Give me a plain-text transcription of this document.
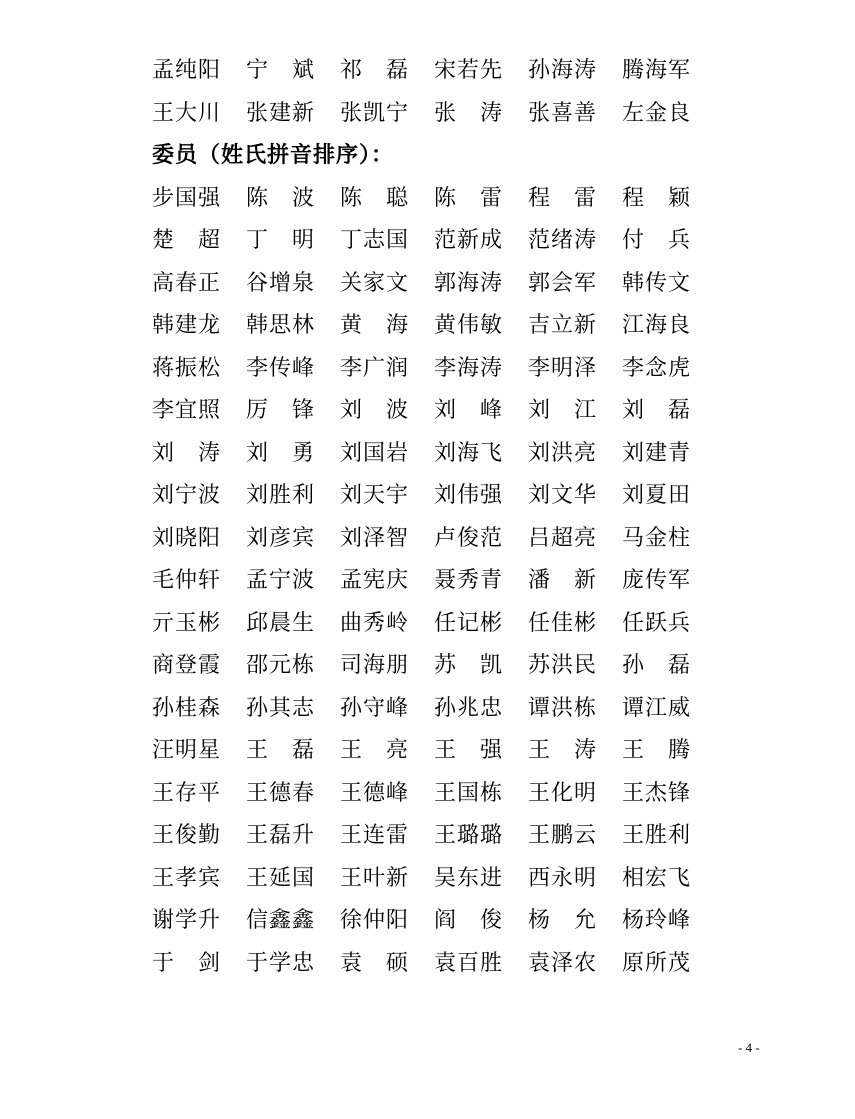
孟纯阳	宁　斌	祁　磊	宋若先	孙海涛	腾海军
王大川	张建新	张凯宁	张　涛	张喜善	左金良
委员（姓氏拼音排序）：
步国强	陈　波	陈　聪	陈　雷	程　雷	程　颖
楚　超	丁　明	丁志国	范新成	范绪涛	付　兵
高春正	谷增泉	关家文	郭海涛	郭会军	韩传文
韩建龙	韩思林	黄　海	黄伟敏	吉立新	江海良
蒋振松	李传峰	李广润	李海涛	李明泽	李念虎
李宜照	厉　锋	刘　波	刘　峰	刘　江	刘　磊
刘　涛	刘　勇	刘国岩	刘海飞	刘洪亮	刘建青
刘宁波	刘胜利	刘天宇	刘伟强	刘文华	刘夏田
刘晓阳	刘彦宾	刘泽智	卢俊范	吕超亮	马金柱
毛仲轩	孟宁波	孟宪庆	聂秀青	潘　新	庞传军
亓玉彬	邱晨生	曲秀岭	任记彬	任佳彬	任跃兵
商登霞	邵元栋	司海朋	苏　凯	苏洪民	孙　磊
孙桂森	孙其志	孙守峰	孙兆忠	谭洪栋	谭江威
汪明星	王　磊	王　亮	王　强	王　涛	王　腾
王存平	王德春	王德峰	王国栋	王化明	王杰锋
王俊勤	王磊升	王连雷	王璐璐	王鹏云	王胜利
王孝宾	王延国	王叶新	吴东进	西永明	相宏飞
谢学升	信鑫鑫	徐仲阳	阎　俊	杨　允	杨玲峰
于　剑	于学忠	袁　硕	袁百胜	袁泽农	原所茂
- 4 -
